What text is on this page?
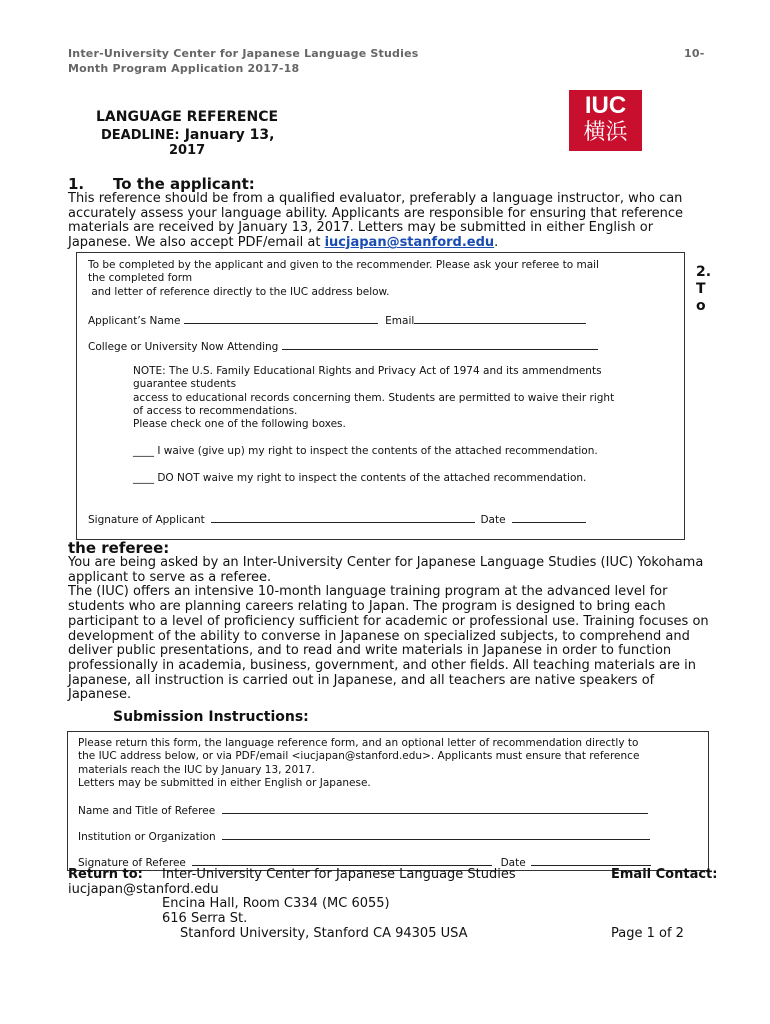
Inter-University Center for Japanese Language Studies	10-
Month Program Application 2017-18
LANGUAGE REFERENCE
DEADLINE: January 13,
2017
IUC
横浜
1. To the applicant:
This reference should be from a qualified evaluator, preferably a language instructor, who can
accurately assess your language ability. Applicants are responsible for ensuring that reference
materials are received by January 13, 2017. Letters may be submitted in either English or
Japanese. We also accept PDF/email at iucjapan@stanford.edu.
To be completed by the applicant and given to the recommender. Please ask your referee to mail
the completed form
and letter of reference directly to the IUC address below.
Applicant’s Name	Email
College or University Now Attending
NOTE: The U.S. Family Educational Rights and Privacy Act of 1974 and its ammendments
guarantee students
access to educational records concerning them. Students are permitted to waive their right
of access to recommendations.
Please check one of the following boxes.
____ I waive (give up) my right to inspect the contents of the attached recommendation.
____ DO NOT waive my right to inspect the contents of the attached recommendation.
Signature of Applicant	Date
2.
T
o
the referee:
You are being asked by an Inter-University Center for Japanese Language Studies (IUC) Yokohama
applicant to serve as a referee.
The (IUC) offers an intensive 10-month language training program at the advanced level for
students who are planning careers relating to Japan. The program is designed to bring each
participant to a level of proficiency sufficient for academic or professional use. Training focuses on
development of the ability to converse in Japanese on specialized subjects, to comprehend and
deliver public presentations, and to read and write materials in Japanese in order to function
professionally in academia, business, government, and other fields. All teaching materials are in
Japanese, all instruction is carried out in Japanese, and all teachers are native speakers of
Japanese.
Submission Instructions:
Please return this form, the language reference form, and an optional letter of recommendation directly to
the IUC address below, or via PDF/email <iucjapan@stanford.edu>. Applicants must ensure that reference
materials reach the IUC by January 13, 2017.
Letters may be submitted in either English or Japanese.
Name and Title of Referee
Institution or Organization
Signature of Referee	Date
Return to: Inter-University Center for Japanese Language Studies	Email Contact:
iucjapan@stanford.edu
Encina Hall, Room C334 (MC 6055)
616 Serra St.
Stanford University, Stanford CA 94305 USA	Page 1 of 2
